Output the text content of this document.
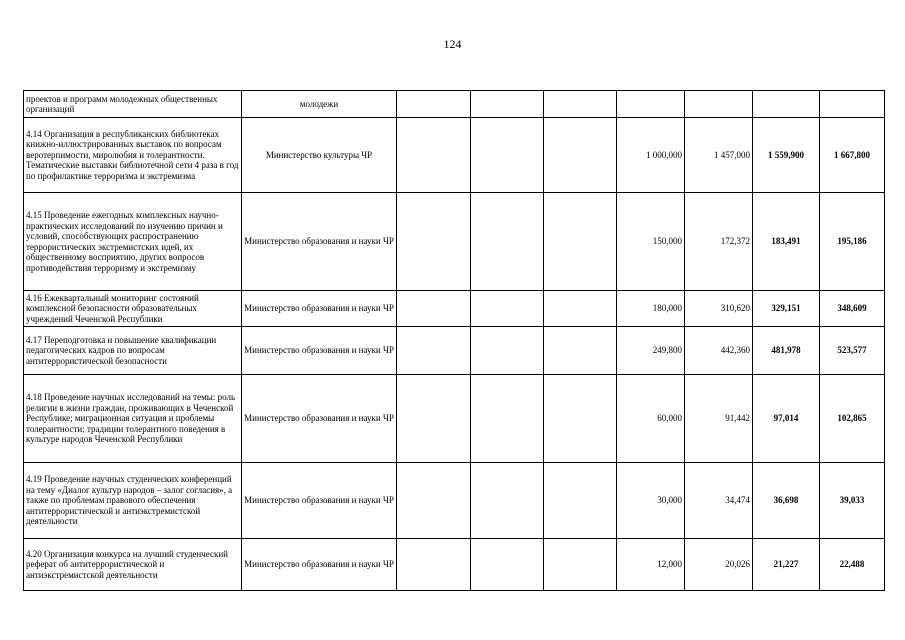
124
проектов и программ молодежных общественных организаций	молодежи							
4.14 Организация в республиканских библиотеках книжно-иллюстрированных выставок по вопросам веротерпимости, миролюбия и толерантности. Тематические выставки библиотечной сети 4 раза в год по профилактике терроризма и экстремизма	Министерство культуры ЧР				1 000,000	1 457,000	1 559,900	1 667,800
4.15 Проведение ежегодных комплексных научно-практических исследований по изучению причин и условий, способствующих распространению террористических экстремистских идей, их общественному восприятию, других вопросов противодействия терроризму и экстремизму	Министерство образования и науки ЧР				150,000	172,372	183,491	195,186
4.16 Ежеквартальный мониторинг состояний комплексной безопасности образовательных учреждений Чеченской Республики	Министерство образования и науки ЧР				180,000	310,620	329,151	348,609
4.17 Переподготовка и повышение квалификации педагогических кадров по вопросам антитеррористической безопасности	Министерство образования и науки ЧР				249,800	442,360	481,978	523,577
4.18 Проведение научных исследований на темы: роль религии в жизни граждан, проживающих в Чеченской Республике; миграционная ситуация и проблемы толерантности; традиции толерантного поведения в культуре народов Чеченской Республики	Министерство образования и науки ЧР				60,000	91,442	97,014	102,865
4.19 Проведение научных студенческих конференций на тему «Диалог культур народов – залог согласия», а также по проблемам правового обеспечения антитеррористической и антиэкстремистской деятельности	Министерство образования и науки ЧР				30,000	34,474	36,698	39,033
4.20 Организация конкурса на лучший студенческий реферат об антитеррористической и антиэкстремистской деятельности	Министерство образования и науки ЧР				12,000	20,026	21,227	22,488
